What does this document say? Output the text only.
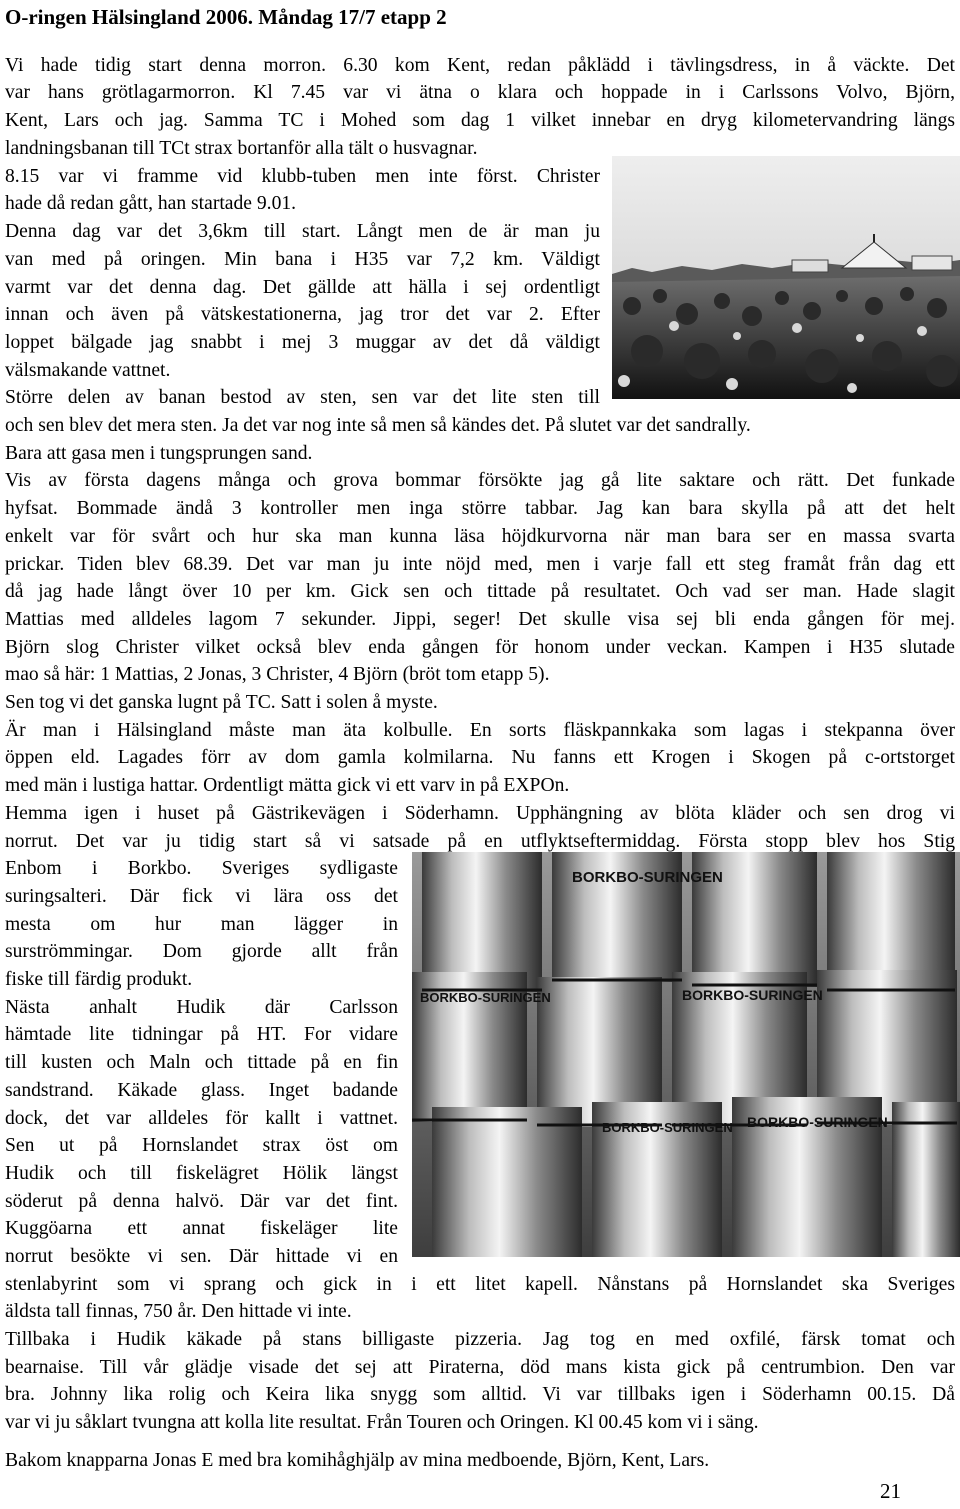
O-ringen Hälsingland 2006. Måndag 17/7 etapp 2

Vi hade tidig start denna morron. 6.30 kom Kent, redan påklädd i tävlingsdress, in å väckte. Det

var hans grötlagarmorron. Kl 7.45 var vi ätna o klara och hoppade in i Carlssons Volvo, Björn,

Kent, Lars och jag. Samma TC i Mohed som dag 1 vilket innebar en dryg kilometervandring längs

landningsbanan till TCt strax bortanför alla tält o husvagnar.

8.15 var vi framme vid klubb-tuben men inte först. Christer

hade då redan gått, han startade 9.01.

Denna dag var det 3,6km till start. Långt men de är man ju

van med på oringen. Min bana i H35 var 7,2 km. Väldigt

varmt var det denna dag. Det gällde att hälla i sej ordentligt

innan och även på vätskestationerna, jag tror det var 2. Efter

loppet bälgade jag snabbt i mej 3 muggar av det då väldigt

välsmakande vattnet.

Större delen av banan bestod av sten, sen var det lite sten till

och sen blev det mera sten. Ja det var nog inte så men så kändes det. På slutet var det sandrally.

Bara att gasa men i tungsprungen sand.

Vis av första dagens många och grova bommar försökte jag gå lite saktare och rätt. Det funkade

hyfsat. Bommade ändå 3 kontroller men inga större tabbar. Jag kan bara skylla på att det helt

enkelt var för svårt och hur ska man kunna läsa höjdkurvorna när man bara ser en massa svarta

prickar. Tiden blev 68.39. Det var man ju inte nöjd med, men i varje fall ett steg framåt från dag ett

då jag hade långt över 10 per km. Gick sen och tittade på resultatet. Och vad ser man. Hade slagit

Mattias med alldeles lagom 7 sekunder. Jippi, seger! Det skulle visa sej bli enda gången för mej.

Björn slog Christer vilket också blev enda gången för honom under veckan. Kampen i H35 slutade

mao så här: 1 Mattias, 2 Jonas, 3 Christer, 4 Björn (bröt tom etapp 5).

Sen tog vi det ganska lugnt på TC. Satt i solen å myste.

Är man i Hälsingland måste man äta kolbulle. En sorts fläskpannkaka som lagas i stekpanna över

öppen eld. Lagades förr av dom gamla kolmilarna. Nu fanns ett Krogen i Skogen på c-ortstorget

med män i lustiga hattar. Ordentligt mätta gick vi ett varv in på EXPOn.

Hemma igen i huset på Gästrikevägen i Söderhamn. Upphängning av blöta kläder och sen drog vi

norrut. Det var ju tidig start så vi satsade på en utflyktseftermiddag. Första stopp blev hos Stig

Enbom i Borkbo. Sveriges sydligaste

suringsalteri. Där fick vi lära oss det

mesta om hur man lägger in

surströmmingar. Dom gjorde allt från

fiske till färdig produkt.

Nästa anhalt Hudik där Carlsson

hämtade lite tidningar på HT. For vidare

till kusten och Maln och tittade på en fin

sandstrand. Käkade glass. Inget badande

dock, det var alldeles för kallt i vattnet.

Sen ut på Hornslandet strax öst om

Hudik och till fiskelägret Hölik längst

söderut på denna halvö. Där var det fint.

Kuggöarna ett annat fiskeläger lite

norrut besökte vi sen. Där hittade vi en

stenlabyrint som vi sprang och gick in i ett litet kapell. Nånstans på Hornslandet ska Sveriges

äldsta tall finnas, 750 år. Den hittade vi inte.

Tillbaka i Hudik käkade på stans billigaste pizzeria. Jag tog en med oxfilé, färsk tomat och

bearnaise. Till vår glädje visade det sej att Piraterna, död mans kista gick på centrumbion. Den var

bra. Johnny lika rolig och Keira lika snygg som alltid. Vi var tillbaks igen i Söderhamn 00.15. Då

var vi ju såklart tvungna att kolla lite resultat. Från Touren och Oringen. Kl 00.45 kom vi i säng.

Bakom knapparna Jonas E med bra komihåghjälp av mina medboende, Björn, Kent, Lars.

BORKBO-SURINGEN
BORKBO-SURINGEN	BORKBO-SURINGEN
BORKBO-SURINGEN BORKBO-SURINGEN
21
